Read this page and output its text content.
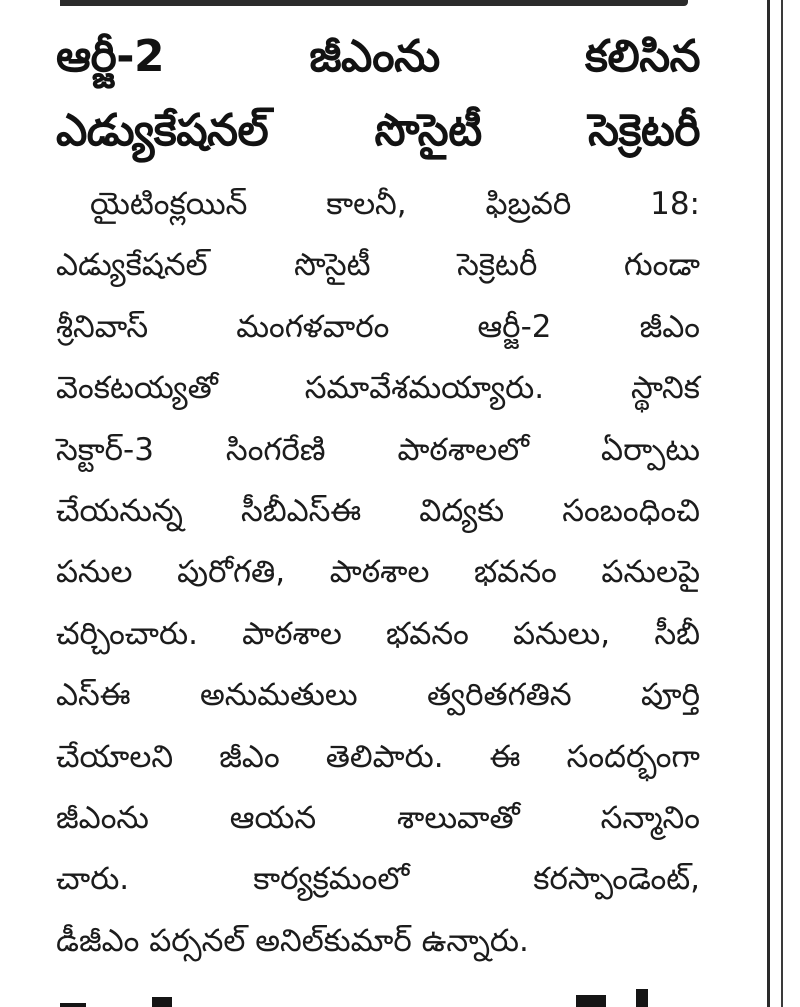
ఆర్జీ-2 జీఎంను కలిసిన
ఎడ్యుకేషనల్ సొసైటీ సెక్రెటరీ
యైటింక్లయిన్ కాలనీ, ఫిబ్రవరి 18:
ఎడ్యుకేషనల్ సొసైటీ సెక్రెటరీ గుండా
శ్రీనివాస్ మంగళవారం ఆర్జీ-2 జీఎం
వెంకటయ్యతో సమావేశమయ్యారు. స్థానిక
సెక్టార్-3 సింగరేణి పాఠశాలలో ఏర్పాటు
చేయనున్న సీబీఎస్ఈ విద్యకు సంబంధించి
పనుల పురోగతి, పాఠశాల భవనం పనులపై
చర్చించారు. పాఠశాల భవనం పనులు, సీబీ
ఎస్ఈ అనుమతులు త్వరితగతిన పూర్తి
చేయాలని జీఎం తెలిపారు. ఈ సందర్భంగా
జీఎంను ఆయన శాలువాతో సన్మానిం
చారు. కార్యక్రమంలో కరస్పాండెంట్,
డీజీఎం పర్సనల్ అనిల్‌కుమార్ ఉన్నారు.
